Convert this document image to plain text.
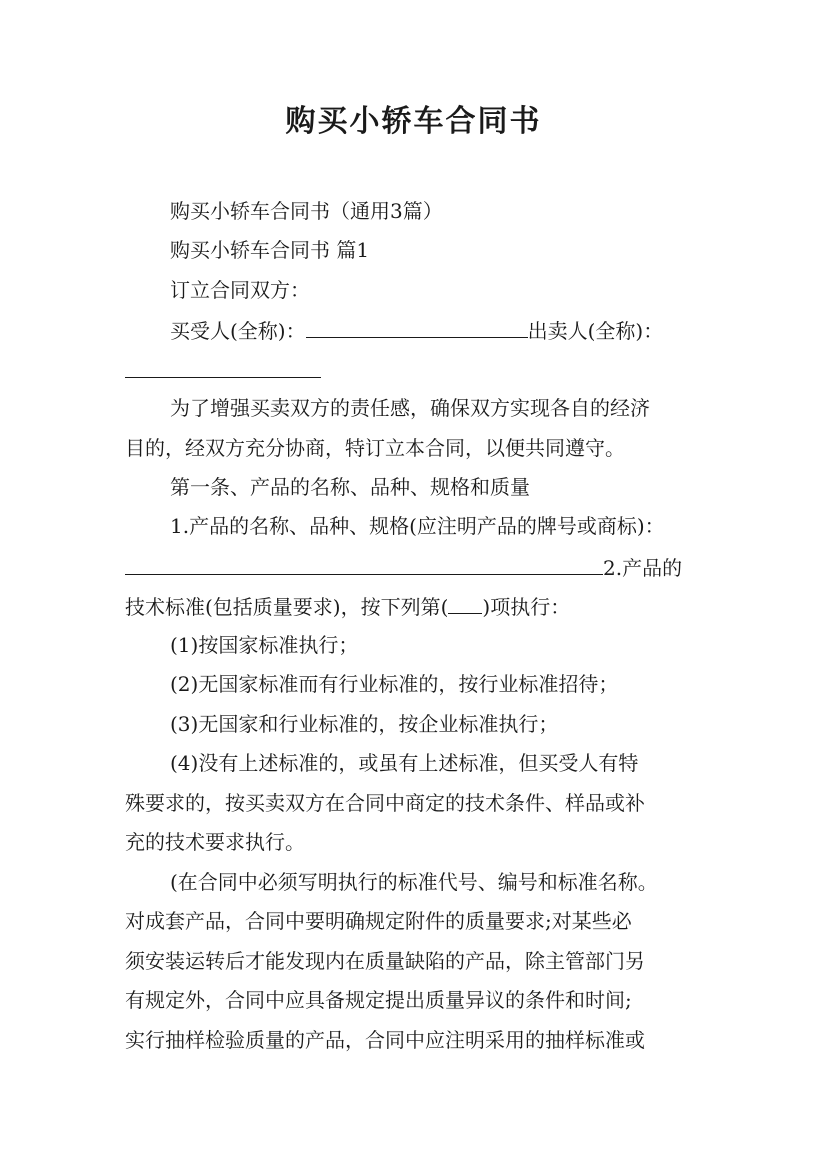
购买小轿车合同书
购买小轿车合同书（通用3篇）
购买小轿车合同书 篇1
订立合同双方：
买受人(全称)：	出卖人(全称)：
为了增强买卖双方的责任感，确保双方实现各自的经济
目的，经双方充分协商，特订立本合同，以便共同遵守。
第一条、产品的名称、品种、规格和质量
1.产品的名称、品种、规格(应注明产品的牌号或商标)：
2.产品的
技术标准(包括质量要求)，按下列第( )项执行：
(1)按国家标准执行；
(2)无国家标准而有行业标准的，按行业标准招待；
(3)无国家和行业标准的，按企业标准执行；
(4)没有上述标准的，或虽有上述标准，但买受人有特
殊要求的，按买卖双方在合同中商定的技术条件、样品或补
充的技术要求执行。
(在合同中必须写明执行的标准代号、编号和标准名称。
对成套产品，合同中要明确规定附件的质量要求;对某些必
须安装运转后才能发现内在质量缺陷的产品，除主管部门另
有规定外，合同中应具备规定提出质量异议的条件和时间;
实行抽样检验质量的产品，合同中应注明采用的抽样标准或
